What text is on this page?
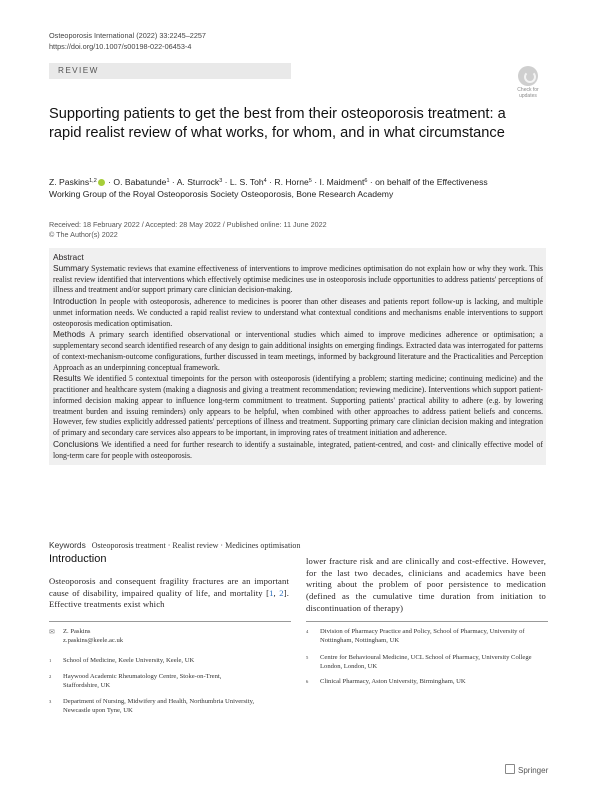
Osteoporosis International (2022) 33:2245–2257
https://doi.org/10.1007/s00198-022-06453-4
REVIEW
Check for updates
Supporting patients to get the best from their osteoporosis treatment: a rapid realist review of what works, for whom, and in what circumstance
Z. Paskins$^{1,2}$ · O. Babatunde$^1$ · A. Sturrock$^3$ · L. S. Toh$^4$ · R. Horne$^5$ · I. Maidment$^6$ · on behalf of the Effectiveness
Working Group of the Royal Osteoporosis Society Osteoporosis, Bone Research Academy
Received: 18 February 2022 / Accepted: 28 May 2022 / Published online: 11 June 2022
© The Author(s) 2022
Abstract

Summary Systematic reviews that examine effectiveness of interventions to improve medicines optimisation do not explain how or why they work. This realist review identified that interventions which effectively optimise medicines use in osteoporosis include opportunities to address patients' perceptions of illness and treatment and/or support primary care clinician decision-making.

Introduction In people with osteoporosis, adherence to medicines is poorer than other diseases and patients report follow-up is lacking, and multiple unmet information needs. We conducted a rapid realist review to understand what contextual conditions and mechanisms enable interventions to support osteoporosis medication optimisation.

Methods A primary search identified observational or interventional studies which aimed to improve medicines adherence or optimisation; a supplementary second search identified research of any design to gain additional insights on emerging findings. Extracted data was interrogated for patterns of context-mechanism-outcome configurations, further discussed in team meetings, informed by background literature and the Practicalities and Perception Approach as an underpinning conceptual framework.

Results We identified 5 contextual timepoints for the person with osteoporosis (identifying a problem; starting medicine; continuing medicine) and the practitioner and healthcare system (making a diagnosis and giving a treatment recommendation; reviewing medicine). Interventions which support patient-informed decision making appear to influence long-term commitment to treatment. Supporting patients' practical ability to adhere (e.g. by lowering treatment burden and issuing reminders) only appears to be helpful, when combined with other approaches to address patient beliefs and concerns. However, few studies explicitly addressed patients' perceptions of illness and treatment. Supporting primary care clinician decision making and integration of primary and secondary care services also appears to be important, in improving rates of treatment initiation and adherence.

Conclusions We identified a need for further research to identify a sustainable, integrated, patient-centred, and cost- and clinically effective model of long-term care for people with osteoporosis.

Keywords Osteoporosis treatment · Realist review · Medicines optimisation
Introduction
Osteoporosis and consequent fragility fractures are an important cause of disability, impaired quality of life, and mortality [1, 2]. Effective treatments exist which
lower fracture risk and are clinically and cost-effective. However, for the last two decades, clinicians and academics have been writing about the problem of poor persistence to medication (defined as the cumulative time duration from initiation to discontinuation of therapy)
✉ Z. Paskins
z.paskins@keele.ac.uk
1 School of Medicine, Keele University, Keele, UK
2 Haywood Academic Rheumatology Centre, Stoke-on-Trent, Staffordshire, UK
3 Department of Nursing, Midwifery and Health, Northumbria University, Newcastle upon Tyne, UK
4 Division of Pharmacy Practice and Policy, School of Pharmacy, University of Nottingham, Nottingham, UK
5 Centre for Behavioural Medicine, UCL School of Pharmacy, University College London, London, UK
6 Clinical Pharmacy, Aston University, Birmingham, UK
Springer
